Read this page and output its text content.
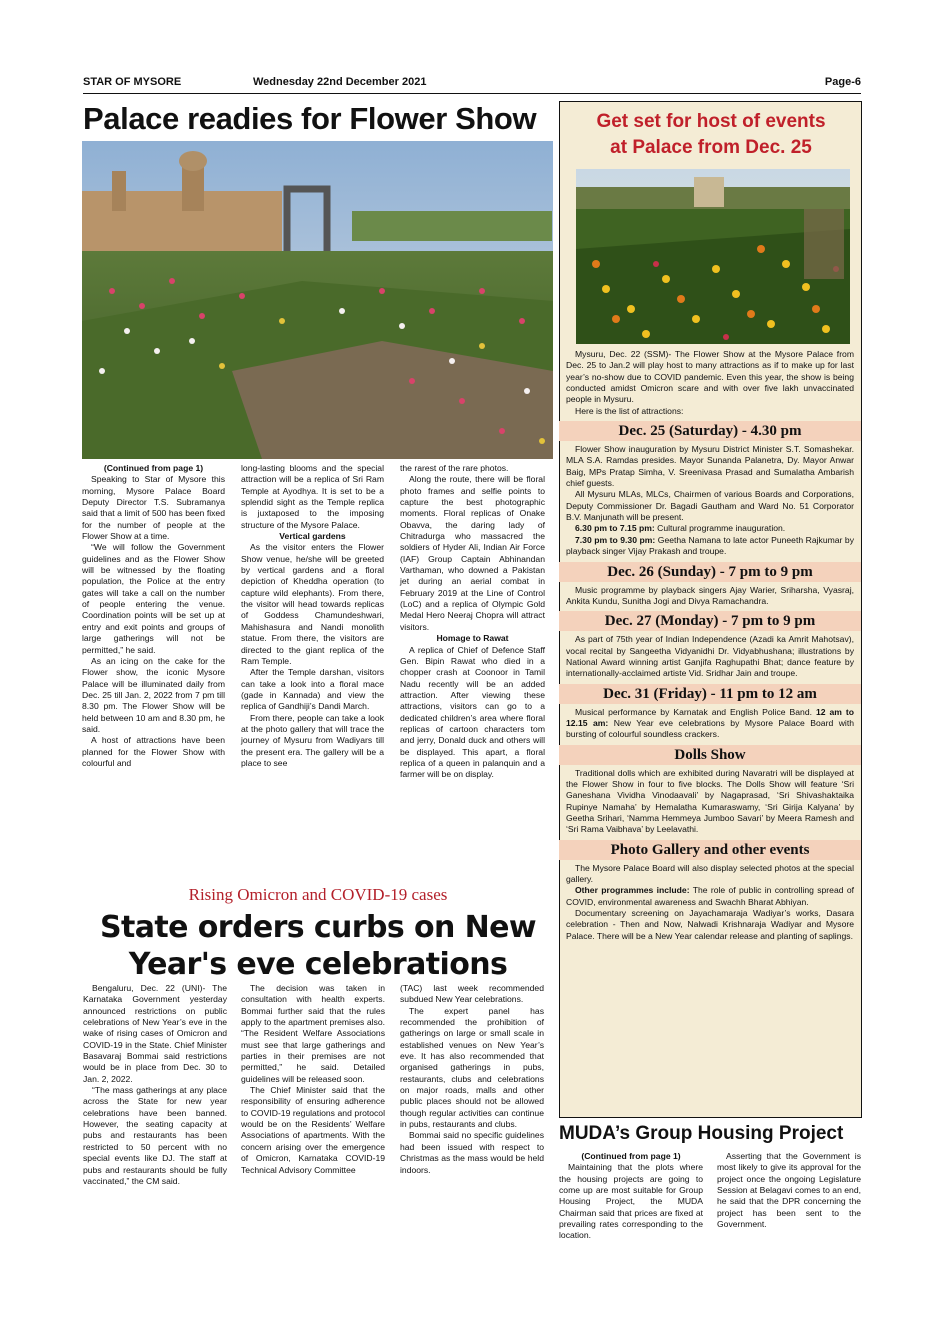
STAR OF MYSORE	Wednesday 22nd December 2021	Page-6
Palace readies for Flower Show

(Continued from page 1)

Speaking to Star of Mysore this morning, Mysore Palace Board Deputy Director T.S. Subramanya said that a limit of 500 has been fixed for the number of people at the Flower Show at a time.

“We will follow the Government guidelines and as the Flower Show will be witnessed by the floating population, the Police at the entry gates will take a call on the number of people entering the venue. Coordination points will be set up at entry and exit points and groups of large gatherings will not be permitted,” he said.

As an icing on the cake for the Flower show, the iconic Mysore Palace will be illuminated daily from Dec. 25 till Jan. 2, 2022 from 7 pm till 8.30 pm. The Flower Show will be held between 10 am and 8.30 pm, he said.

A host of attractions have been planned for the Flower Show with colourful and

long-lasting blooms and the special attraction will be a replica of Sri Ram Temple at Ayodhya. It is set to be a splendid sight as the Temple replica is juxtaposed to the imposing structure of the Mysore Palace.

Vertical gardens

As the visitor enters the Flower Show venue, he/she will be greeted by vertical gardens and a floral depiction of Kheddha operation (to capture wild elephants). From there, the visitor will head towards replicas of Goddess Chamundeshwari, Mahishasura and Nandi monolith statue. From there, the visitors are directed to the giant replica of the Ram Temple.

After the Temple darshan, visitors can take a look into a floral mace (gade in Kannada) and view the replica of Gandhiji’s Dandi March.

From there, people can take a look at the photo gallery that will trace the journey of Mysuru from Wadiyars till the present era. The gallery will be a place to see

the rarest of the rare photos.

Along the route, there will be floral photo frames and selfie points to capture the best photographic moments. Floral replicas of Onake Obavva, the daring lady of Chitradurga who massacred the soldiers of Hyder Ali, Indian Air Force (IAF) Group Captain Abhinandan Varthaman, who downed a Pakistan jet during an aerial combat in February 2019 at the Line of Control (LoC) and a replica of Olympic Gold Medal Hero Neeraj Chopra will attract visitors.

Homage to Rawat

A replica of Chief of Defence Staff Gen. Bipin Rawat who died in a chopper crash at Coonoor in Tamil Nadu recently will be an added attraction. After viewing these attractions, visitors can go to a dedicated children’s area where floral replicas of cartoon characters tom and jerry, Donald duck and others will be displayed. This apart, a floral replica of a queen in palanquin and a farmer will be on display.

Rising Omicron and COVID-19 cases
State orders curbs on New
Year's eve celebrations

Bengaluru, Dec. 22 (UNI)- The Karnataka Government yesterday announced restrictions on public celebrations of New Year’s eve in the wake of rising cases of Omicron and COVID-19 in the State. Chief Minister Basavaraj Bommai said restrictions would be in place from Dec. 30 to Jan. 2, 2022.

“The mass gatherings at any place across the State for new year celebrations have been banned. However, the seating capacity at pubs and restaurants has been restricted to 50 percent with no special events like DJ. The staff at pubs and restaurants should be fully vaccinated,” the CM said.

The decision was taken in consultation with health experts. Bommai further said that the rules apply to the apartment premises also. “The Resident Welfare Associations must see that large gatherings and parties in their premises are not permitted,” he said. Detailed guidelines will be released soon.

The Chief Minister said that the responsibility of ensuring adherence to COVID-19 regulations and protocol would be on the Residents’ Welfare Associations of apartments. With the concern arising over the emergence of Omicron, Karnataka COVID-19 Technical Advisory Committee

(TAC) last week recommended subdued New Year celebrations.

The expert panel has recommended the prohibition of gatherings on large or small scale in established venues on New Year’s eve. It has also recommended that organised gatherings in pubs, restaurants, clubs and celebrations on major roads, malls and other public places should not be allowed though regular activities can continue in pubs, restaurants and clubs.

Bommai said no specific guidelines had been issued with respect to Christmas as the mass would be held indoors.

Get set for host of events
at Palace from Dec. 25

Mysuru, Dec. 22 (SSM)- The Flower Show at the Mysore Palace from Dec. 25 to Jan.2 will play host to many attractions as if to make up for last year’s no-show due to COVID pandemic. Even this year, the show is being conducted amidst Omicron scare and with over five lakh unvaccinated people in Mysuru.

Here is the list of attractions:

Dec. 25 (Saturday) - 4.30 pm

Flower Show inauguration by Mysuru District Minister S.T. Somashekar. MLA S.A. Ramdas presides. Mayor Sunanda Palanetra, Dy. Mayor Anwar Baig, MPs Pratap Simha, V. Sreenivasa Prasad and Sumalatha Ambarish chief guests.

All Mysuru MLAs, MLCs, Chairmen of various Boards and Corporations, Deputy Commissioner Dr. Bagadi Gautham and Ward No. 51 Corporator B.V. Manjunath will be present.

6.30 pm to 7.15 pm: Cultural programme inauguration.

7.30 pm to 9.30 pm: Geetha Namana to late actor Puneeth Rajkumar by playback singer Vijay Prakash and troupe.

Dec. 26 (Sunday) - 7 pm to 9 pm

Music programme by playback singers Ajay Warier, Sriharsha, Vyasraj, Ankita Kundu, Sunitha Jogi and Divya Ramachandra.

Dec. 27 (Monday) - 7 pm to 9 pm

As part of 75th year of Indian Independence (Azadi ka Amrit Mahotsav), vocal recital by Sangeetha Vidyanidhi Dr. Vidyabhushana; illustrations by National Award winning artist Ganjifa Raghupathi Bhat; dance feature by internationally-acclaimed artiste Vid. Sridhar Jain and troupe.

Dec. 31 (Friday) - 11 pm to 12 am

Musical performance by Karnatak and English Police Band. 12 am to 12.15 am: New Year eve celebrations by Mysore Palace Board with bursting of colourful soundless crackers.

Dolls Show

Traditional dolls which are exhibited during Navaratri will be displayed at the Flower Show in four to five blocks. The Dolls Show will feature ‘Sri Ganeshana Vividha Vinodaavali’ by Nagaprasad, ‘Sri Shivashaktaika Rupinye Namaha’ by Hemalatha Kumaraswamy, ‘Sri Girija Kalyana’ by Geetha Srihari, ‘Namma Hemmeya Jumboo Savari’ by Meera Ramesh and ‘Sri Rama Vaibhava’ by Leelavathi.

Photo Gallery and other events

The Mysore Palace Board will also display selected photos at the special gallery.

Other programmes include: The role of public in controlling spread of COVID, environmental awareness and Swachh Bharat Abhiyan.

Documentary screening on Jayachamaraja Wadiyar’s works, Dasara celebration - Then and Now, Nalwadi Krishnaraja Wadiyar and Mysore Palace. There will be a New Year calendar release and planting of saplings.

MUDA’s Group Housing Project

(Continued from page 1)

Maintaining that the plots where the housing projects are going to come up are most suitable for Group Housing Project, the MUDA Chairman said that prices are fixed at prevailing rates corresponding to the location.

Asserting that the Government is most likely to give its approval for the project once the ongoing Legislature Session at Belagavi comes to an end, he said that the DPR concerning the project has been sent to the Government.
